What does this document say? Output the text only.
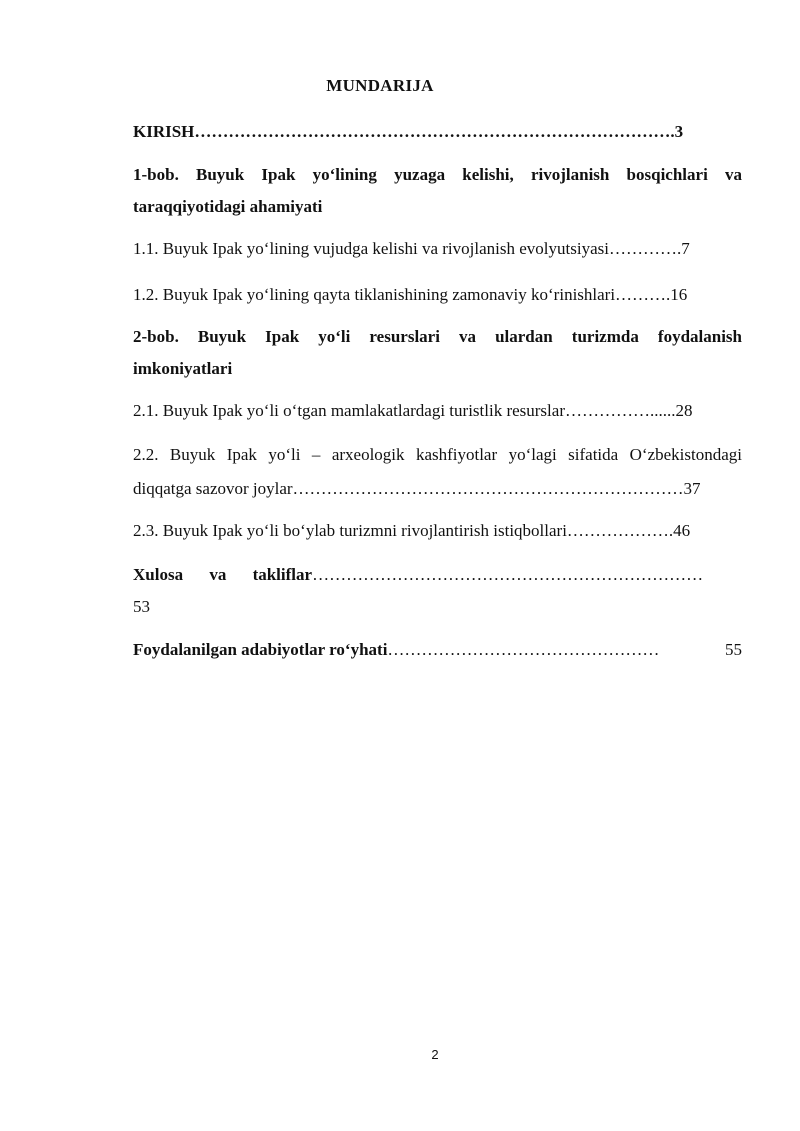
MUNDARIJA
KIRISH………………………………………………………………………….3
1-bob. Buyuk Ipak yo‘lining yuzaga kelishi, rivojlanish bosqichlari va
taraqqiyotidagi ahamiyati
1.1. Buyuk Ipak yo‘lining vujudga kelishi va rivojlanish evolyutsiyasi………….7
1.2. Buyuk Ipak yo‘lining qayta tiklanishining zamonaviy ko‘rinishlari……….16
2-bob. Buyuk Ipak yo‘li resurslari va ulardan turizmda foydalanish
imkoniyatlari
2.1. Buyuk Ipak yo‘li o‘tgan mamlakatlardagi turistlik resurslar……………......28
2.2. Buyuk Ipak yo‘li – arxeologik kashfiyotlar yo‘lagi sifatida O‘zbekistondagi
diqqatga sazovor joylar……………………………………………………………37
2.3. Buyuk Ipak yo‘li bo‘ylab turizmni rivojlantirish istiqbollari……………….46
Xulosa va takliflar……………………………………………………………
53
Foydalanilgan adabiyotlar ro‘yhati…………………………………………	55
2
